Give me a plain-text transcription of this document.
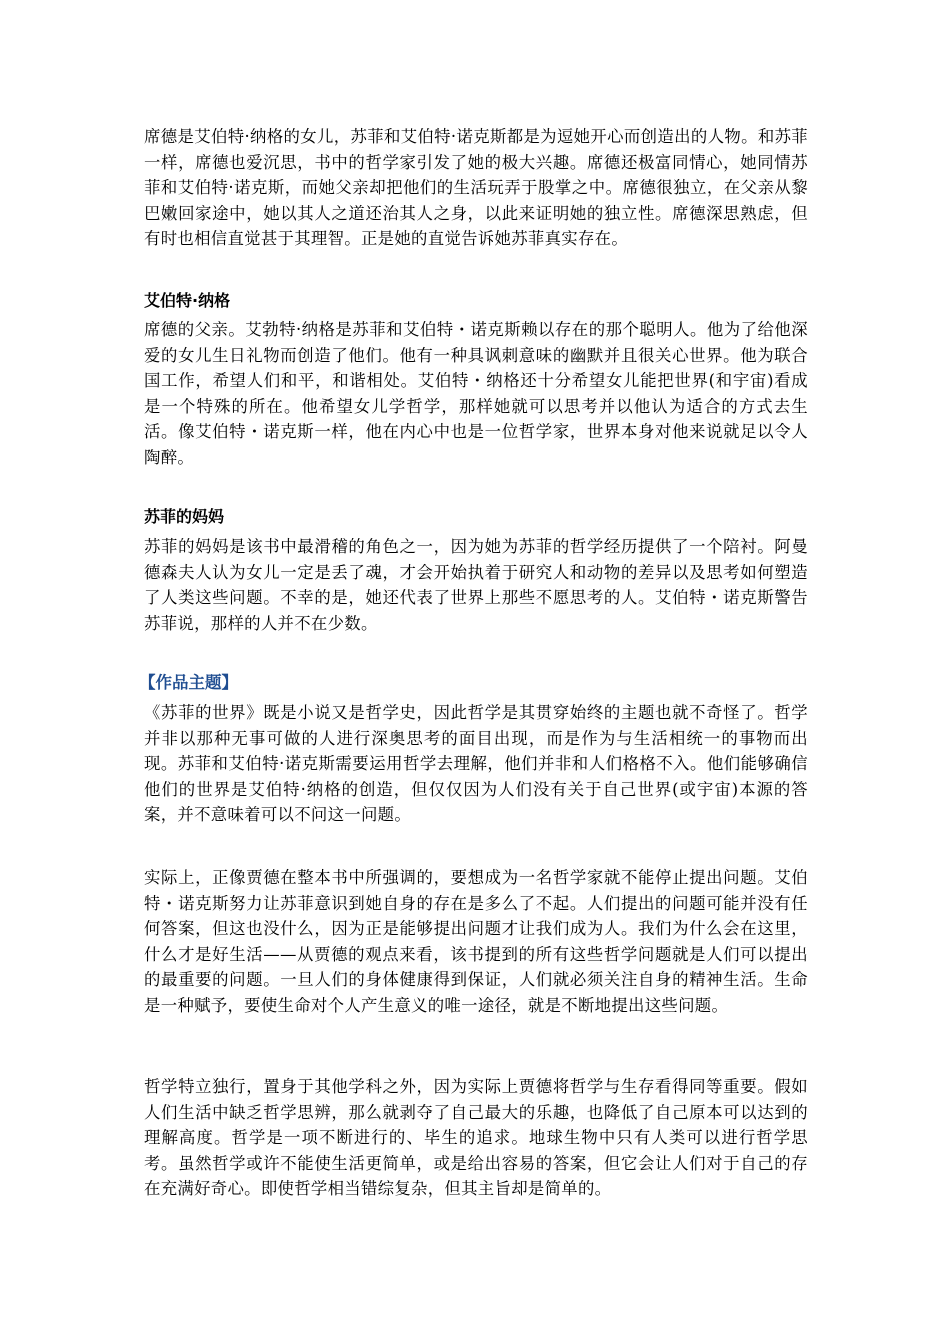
席德是艾伯特·纳格的女儿，苏菲和艾伯特·诺克斯都是为逗她开心而创造出的人物。和苏菲一样，席德也爱沉思，书中的哲学家引发了她的极大兴趣。席德还极富同情心，她同情苏菲和艾伯特·诺克斯，而她父亲却把他们的生活玩弄于股掌之中。席德很独立，在父亲从黎巴嫩回家途中，她以其人之道还治其人之身，以此来证明她的独立性。席德深思熟虑，但有时也相信直觉甚于其理智。正是她的直觉告诉她苏菲真实存在。

艾伯特·纳格

席德的父亲。艾勃特·纳格是苏菲和艾伯特・诺克斯赖以存在的那个聪明人。他为了给他深爱的女儿生日礼物而创造了他们。他有一种具讽刺意味的幽默并且很关心世界。他为联合国工作，希望人们和平，和谐相处。艾伯特・纳格还十分希望女儿能把世界(和宇宙)看成是一个特殊的所在。他希望女儿学哲学，那样她就可以思考并以他认为适合的方式去生活。像艾伯特・诺克斯一样，他在内心中也是一位哲学家，世界本身对他来说就足以令人陶醉。

苏菲的妈妈

苏菲的妈妈是该书中最滑稽的角色之一，因为她为苏菲的哲学经历提供了一个陪衬。阿曼德森夫人认为女儿一定是丢了魂，才会开始执着于研究人和动物的差异以及思考如何塑造了人类这些问题。不幸的是，她还代表了世界上那些不愿思考的人。艾伯特・诺克斯警告苏菲说，那样的人并不在少数。

【作品主题】

《苏菲的世界》既是小说又是哲学史，因此哲学是其贯穿始终的主题也就不奇怪了。哲学并非以那种无事可做的人进行深奥思考的面目出现，而是作为与生活相统一的事物而出现。苏菲和艾伯特·诺克斯需要运用哲学去理解，他们并非和人们格格不入。他们能够确信他们的世界是艾伯特·纳格的创造，但仅仅因为人们没有关于自己世界(或宇宙)本源的答案，并不意味着可以不问这一问题。

实际上，正像贾德在整本书中所强调的，要想成为一名哲学家就不能停止提出问题。艾伯特・诺克斯努力让苏菲意识到她自身的存在是多么了不起。人们提出的问题可能并没有任何答案，但这也没什么，因为正是能够提出问题才让我们成为人。我们为什么会在这里，什么才是好生活——从贾德的观点来看，该书提到的所有这些哲学问题就是人们可以提出的最重要的问题。一旦人们的身体健康得到保证，人们就必须关注自身的精神生活。生命是一种赋予，要使生命对个人产生意义的唯一途径，就是不断地提出这些问题。

哲学特立独行，置身于其他学科之外，因为实际上贾德将哲学与生存看得同等重要。假如人们生活中缺乏哲学思辨，那么就剥夺了自己最大的乐趣，也降低了自己原本可以达到的理解高度。哲学是一项不断进行的、毕生的追求。地球生物中只有人类可以进行哲学思考。虽然哲学或许不能使生活更简单，或是给出容易的答案，但它会让人们对于自己的存在充满好奇心。即使哲学相当错综复杂，但其主旨却是简单的。
